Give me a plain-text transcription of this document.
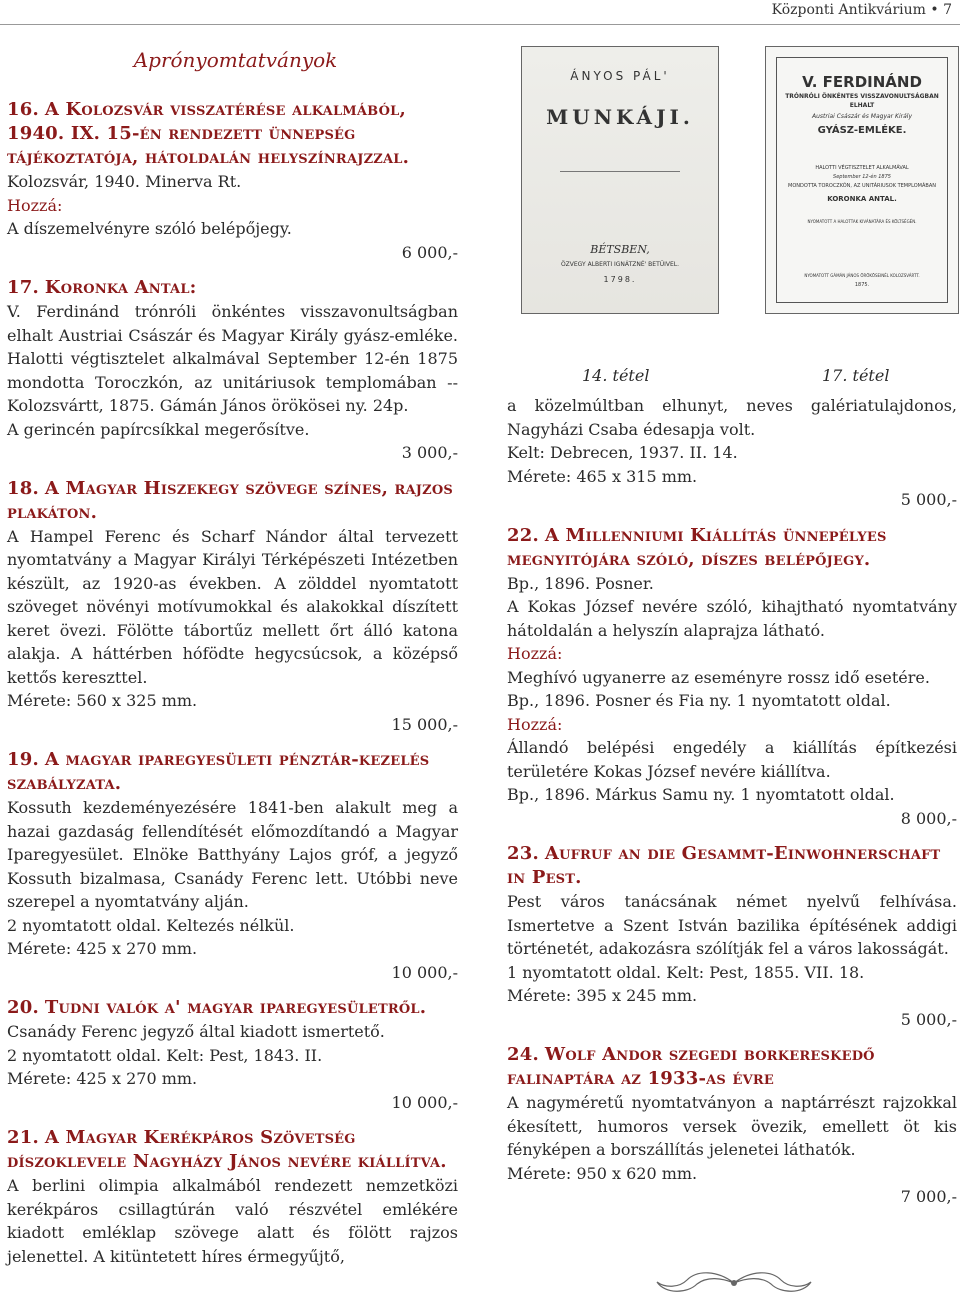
Központi Antikvárium • 7
Aprónyomtatványok
16. A Kolozsvár visszatérése alkalmából, 1940. IX. 15-én rendezett ünnepség tájékoztatója, hátoldalán helyszínrajzzal.
Kolozsvár, 1940. Minerva Rt.
Hozzá:
A díszemelvényre szóló belépőjegy.
6 000,-
17. Koronka Antal:
V. Ferdinánd trónróli önkéntes visszavonultságban elhalt Austriai Császár és Magyar Király gyász-emléke. Halotti végtisztelet alkalmával September 12-én 1875 mondotta Toroczkón, az unitáriusok templomában -- Kolozsvártt, 1875. Gámán János örökösei ny. 24p.
A gerincén papírcsíkkal megerősítve.
3 000,-
18. A Magyar Hiszekegy szövege színes, rajzos plakáton.
A Hampel Ferenc és Scharf Nándor által tervezett nyomtatvány a Magyar Királyi Térképészeti Intézetben készült, az 1920-as években. A zölddel nyomtatott szöveget növényi motívumokkal és alakokkal díszített keret övezi. Fölötte tábortűz mellett őrt álló katona alakja. A háttérben hófödte hegycsúcsok, a középső kettős kereszttel.
Mérete: 560 x 325 mm.
15 000,-
19. A magyar iparegyesületi pénztár-kezelés szabályzata.
Kossuth kezdeményezésére 1841-ben alakult meg a hazai gazdaság fellendítését előmozdítandó a Magyar Iparegyesület. Elnöke Batthyány Lajos gróf, a jegyző Kossuth bizalmasa, Csanády Ferenc lett. Utóbbi neve szerepel a nyomtatvány alján.
2 nyomtatott oldal. Keltezés nélkül.
Mérete: 425 x 270 mm.
10 000,-
20. Tudni valók a' magyar iparegyesületről.
Csanády Ferenc jegyző által kiadott ismertető.
2 nyomtatott oldal. Kelt: Pest, 1843. II.
Mérete: 425 x 270 mm.
10 000,-
21. A Magyar Kerékpáros Szövetség díszoklevele Nagyházy János nevére kiállítva.
A berlini olimpia alkalmából rendezett nemzetközi kerékpáros csillagtúrán való részvétel emlékére kiadott emléklap szövege alatt és fölött rajzos jelenettel. A kitüntetett híres érmegyűjtő,
ÁNYOS PÁL'
MUNKÁJI.
BÉTSBEN,
ÖZVEGY ALBERTI IGNÁTZNÉ' BETŰIVEL.
1798.
V. FERDINÁND
TRÓNRÓLI ÖNKÉNTES VISSZAVONULTSÁGBAN
ELHALT
Austriai Császár és Magyar Király
GYÁSZ-EMLÉKE.
HALOTTI VÉGTISZTELET ALKALMÁVAL
September 12-én 1875
MONDOTTA TOROCZKÓN, AZ UNITÁRIUSOK TEMPLOMÁBAN
KORONKA ANTAL.
NYOMATOTT A HALOTTAK KIVÁNATÁRA ÉS KÖLTSÉGÉN.
NYOMATOTT GÁMÁN JÁNOS ÖRÖKÖSEINÉL KOLOZSVÁRTT.
1875.
14. tétel	17. tétel
a közelmúltban elhunyt, neves galériatulajdonos, Nagyházi Csaba édesapja volt.
Kelt: Debrecen, 1937. II. 14.
Mérete: 465 x 315 mm.
5 000,-
22. A Millenniumi Kiállítás ünnepélyes megnyitójára szóló, díszes belépőjegy.
Bp., 1896. Posner.
A Kokas József nevére szóló, kihajtható nyomtatvány hátoldalán a helyszín alaprajza látható.
Hozzá:
Meghívó ugyanerre az eseményre rossz idő esetére.
Bp., 1896. Posner és Fia ny. 1 nyomtatott oldal.
Hozzá:
Állandó belépési engedély a kiállítás építkezési területére Kokas József nevére kiállítva.
Bp., 1896. Márkus Samu ny. 1 nyomtatott oldal.
8 000,-
23. Aufruf an die Gesammt-Einwohnerschaft in Pest.
Pest város tanácsának német nyelvű felhívása. Ismertetve a Szent István bazilika építésének addigi történetét, adakozásra szólítják fel a város lakosságát.
1 nyomtatott oldal. Kelt: Pest, 1855. VII. 18.
Mérete: 395 x 245 mm.
5 000,-
24. Wolf Andor szegedi borkereskedő falinaptára az 1933-as évre
A nagyméretű nyomtatványon a naptárrészt rajzokkal ékesített, humoros versek övezik, emellett öt kis fényképen a borszállítás jelenetei láthatók.
Mérete: 950 x 620 mm.
7 000,-
